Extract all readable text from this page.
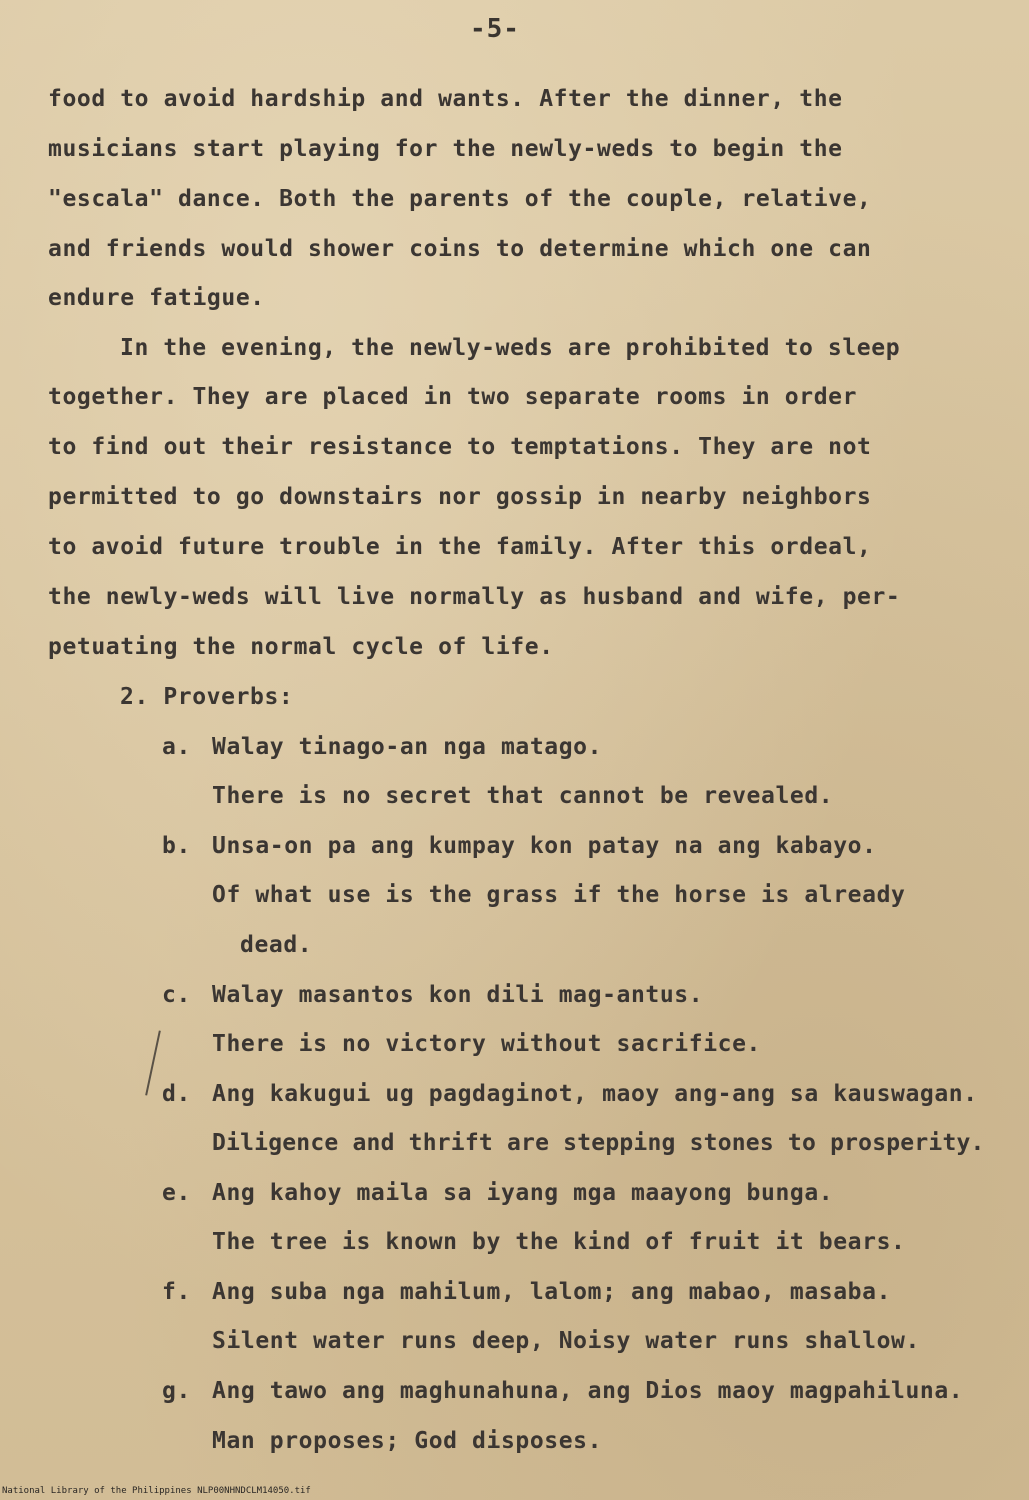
-5-
food to avoid hardship and wants. After the dinner, the
musicians start playing for the newly-weds to begin the
"escala" dance. Both the parents of the couple, relative,
and friends would shower coins to determine which one can
endure fatigue.
In the evening, the newly-weds are prohibited to sleep
together. They are placed in two separate rooms in order
to find out their resistance to temptations. They are not
permitted to go downstairs nor gossip in nearby neighbors
to avoid future trouble in the family. After this ordeal,
the newly-weds will live normally as husband and wife, per-
petuating the normal cycle of life.
2. Proverbs:
a. Walay tinago-an nga matago.
There is no secret that cannot be revealed.
b. Unsa-on pa ang kumpay kon patay na ang kabayo.
Of what use is the grass if the horse is already
dead.
c. Walay masantos kon dili mag-antus.
There is no victory without sacrifice.
d. Ang kakugui ug pagdaginot, maoy ang-ang sa kauswagan.
Diligence and thrift are stepping stones to prosperity.
e. Ang kahoy maila sa iyang mga maayong bunga.
The tree is known by the kind of fruit it bears.
f. Ang suba nga mahilum, lalom; ang mabao, masaba.
Silent water runs deep, Noisy water runs shallow.
g. Ang tawo ang maghunahuna, ang Dios maoy magpahiluna.
Man proposes; God disposes.
National Library of the Philippines NLP00NHNDCLM14050.tif
